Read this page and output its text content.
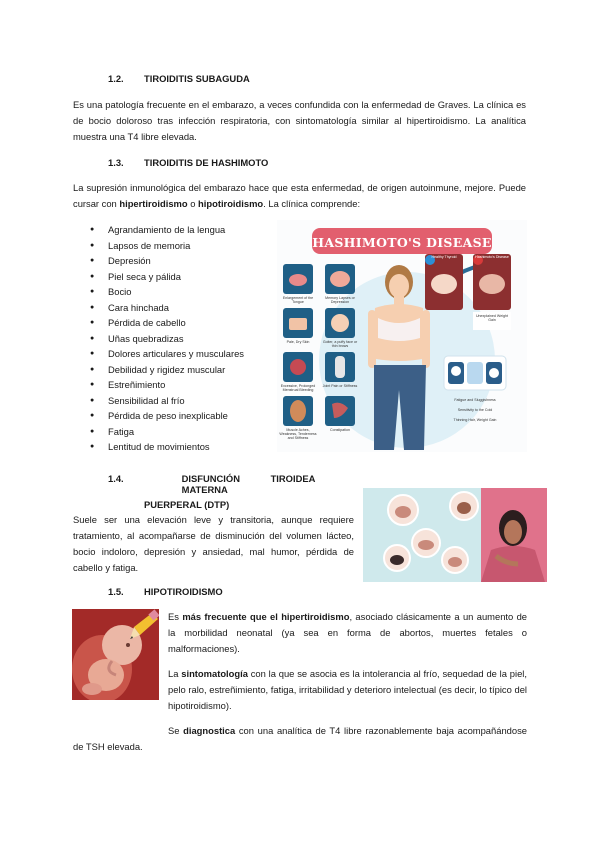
1.2. TIROIDITIS SUBAGUDA

Es una patología frecuente en el embarazo, a veces confundida con la enfermedad de Graves. La clínica es de bocio doloroso tras infección respiratoria, con sintomatología similar al hipertiroidismo. La analítica muestra una T4 libre elevada.

1.3. TIROIDITIS DE HASHIMOTO

La supresión inmunológica del embarazo hace que esta enfermedad, de origen autoinmune, mejore. Puede cursar con hipertiroidismo o hipotiroidismo. La clínica comprende:

● Agrandamiento de la lengua
● Lapsos de memoria
● Depresión
● Piel seca y pálida
● Bocio
● Cara hinchada
● Pérdida de cabello
● Uñas quebradizas
● Dolores articulares y musculares
● Debilidad y rigidez muscular
● Estreñimiento
● Sensibilidad al frío
● Pérdida de peso inexplicable
● Fatiga
● Lentitud de movimientos
HASHIMOTO'S DISEASE
Enlargement of the Tongue
Pale, Dry Skin
Excessive, Prolonged Menstrual Bleeding
Muscle Aches, Weakness, Tenderness and Stiffness
Memory Lapses or Depression
Goiter, a puffy face or thin brows
Joint Pain or Stiffness
Constipation
Healthy Thyroid	Hashimoto's Disease
Unexplained Weight Gain
Fatigue and Sluggishness
Sensitivity to the Cold
Thinning Hair, Weight Gain
1.4.	DISFUNCIÓN TIROIDEA MATERNA
PUERPERAL (DTP)

Suele ser una elevación leve y transitoria, aunque requiere tratamiento, al acompañarse de disminución del volumen lácteo, bocio indoloro, depresión y ansiedad, mal humor, pérdida de cabello y fatiga.

1.5. HIPOTIROIDISMO

Es más frecuente que el hipertiroidismo, asociado clásicamente a un aumento de la morbilidad neonatal (ya sea en forma de abortos, muertes fetales o malformaciones).

La sintomatología con la que se asocia es la intolerancia al frío, sequedad de la piel, pelo ralo, estreñimiento, fatiga, irritabilidad y deterioro intelectual (es decir, lo típico del hipotiroidismo).

Se diagnostica con una analítica de T4 libre razonablemente baja acompañándose de TSH elevada.
